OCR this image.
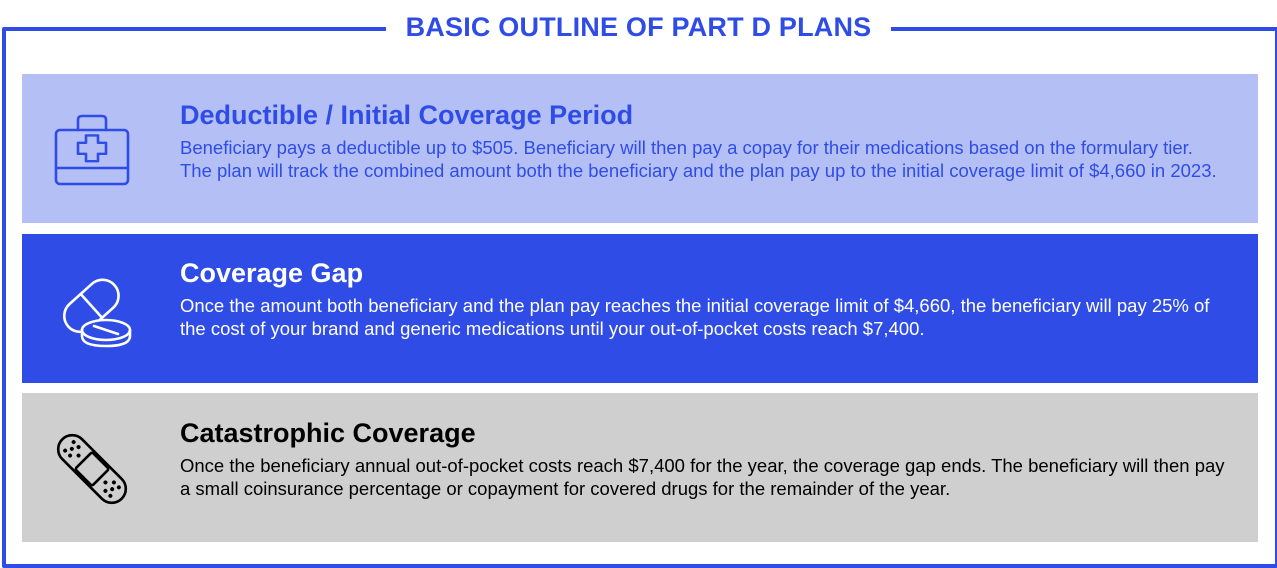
BASIC OUTLINE OF PART D PLANS
Deductible / Initial Coverage Period

Beneficiary pays a deductible up to $505. Beneficiary will then pay a copay for their medications based on the formulary tier. The plan will track the combined amount both the beneficiary and the plan pay up to the initial coverage limit of $4,660 in 2023.

Coverage Gap

Once the amount both beneficiary and the plan pay reaches the initial coverage limit of $4,660, the beneficiary will pay 25% of the cost of your brand and generic medications until your out-of-pocket costs reach $7,400.

Catastrophic Coverage

Once the beneficiary annual out-of-pocket costs reach $7,400 for the year, the coverage gap ends. The beneficiary will then pay a small coinsurance percentage or copayment for covered drugs for the remainder of the year.
